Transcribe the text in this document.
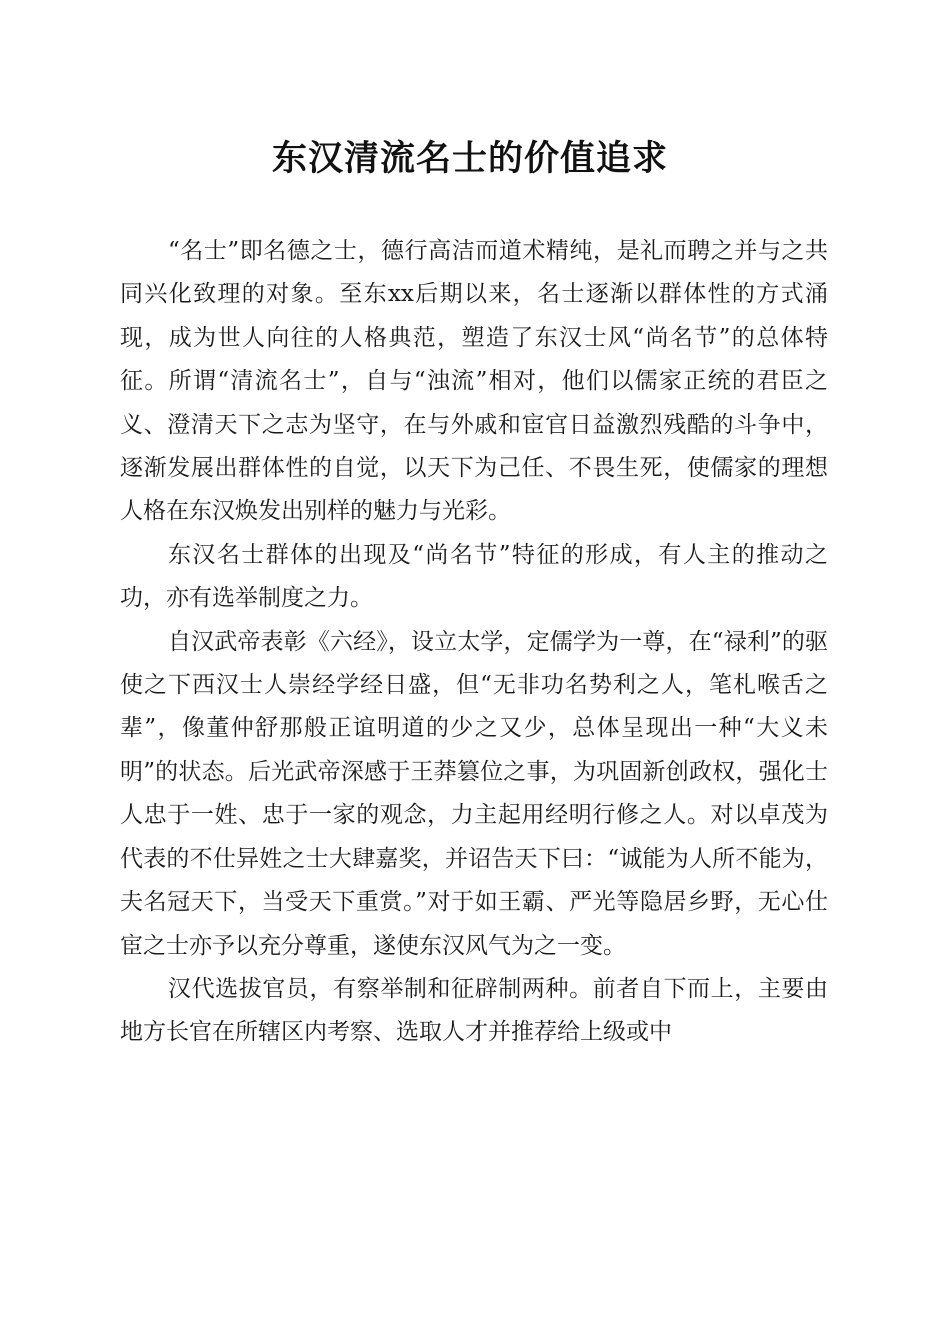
东汉清流名士的价值追求

“名士”即名德之士，德行高洁而道术精纯，是礼而聘之并与之共同兴化致理的对象。至东xx后期以来，名士逐渐以群体性的方式涌现，成为世人向往的人格典范，塑造了东汉士风“尚名节”的总体特征。所谓“清流名士”，自与“浊流”相对，他们以儒家正统的君臣之义、澄清天下之志为坚守，在与外戚和宦官日益激烈残酷的斗争中，逐渐发展出群体性的自觉，以天下为己任、不畏生死，使儒家的理想人格在东汉焕发出别样的魅力与光彩。

东汉名士群体的出现及“尚名节”特征的形成，有人主的推动之功，亦有选举制度之力。

自汉武帝表彰《六经》，设立太学，定儒学为一尊，在“禄利”的驱使之下西汉士人崇经学经日盛，但“无非功名势利之人，笔札喉舌之辈”，像董仲舒那般正谊明道的少之又少，总体呈现出一种“大义未明”的状态。后光武帝深感于王莽篡位之事，为巩固新创政权，强化士人忠于一姓、忠于一家的观念，力主起用经明行修之人。对以卓茂为代表的不仕异姓之士大肆嘉奖，并诏告天下曰：“诚能为人所不能为，夫名冠天下，当受天下重赏。”对于如王霸、严光等隐居乡野，无心仕宦之士亦予以充分尊重，遂使东汉风气为之一变。

汉代选拔官员，有察举制和征辟制两种。前者自下而上，主要由地方长官在所辖区内考察、选取人才并推荐给上级或中
